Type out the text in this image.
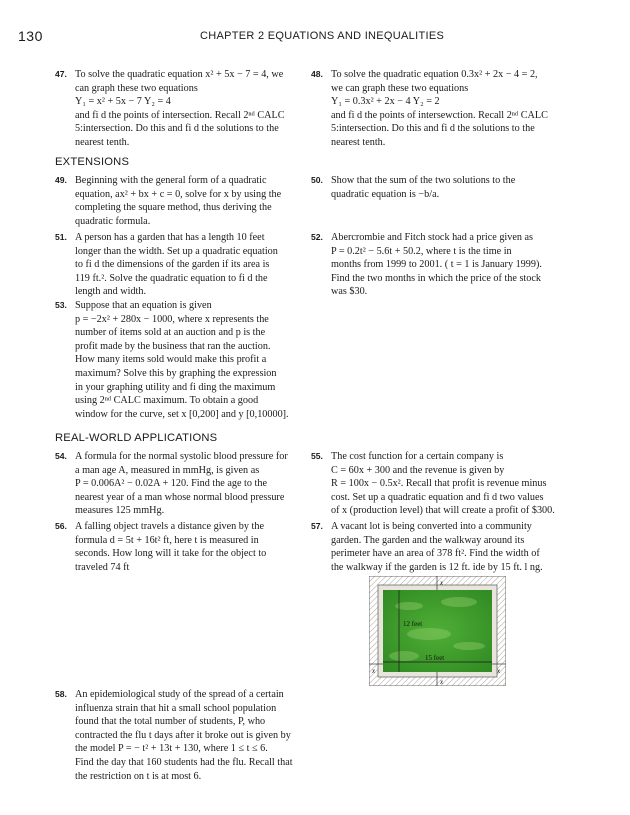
130	CHAPTER 2 EQUATIONS AND INEQUALITIES
47. To solve the quadratic equation x² + 5x − 7 = 4, we
can graph these two equations
Y₁ = x² + 5x − 7 Y₂ = 4
and fi d the points of intersection. Recall 2ⁿᵈ CALC
5:intersection. Do this and fi d the solutions to the
nearest tenth.
48. To solve the quadratic equation 0.3x² + 2x − 4 = 2,
we can graph these two equations
Y₁ = 0.3x² + 2x − 4 Y₂ = 2
and fi d the points of intersewction. Recall 2ⁿᵈ CALC
5:intersection. Do this and fi d the solutions to the
nearest tenth.
EXTENSIONS
49. Beginning with the general form of a quadratic
equation, ax² + bx + c = 0, solve for x by using the
completing the square method, thus deriving the
quadratic formula.
50. Show that the sum of the two solutions to the
quadratic equation is −b/a.
51. A person has a garden that has a length 10 feet
longer than the width. Set up a quadratic equation
to fi d the dimensions of the garden if its area is
119 ft.². Solve the quadratic equation to fi d the
length and width.
52. Abercrombie and Fitch stock had a price given as
P = 0.2t² − 5.6t + 50.2, where t is the time in
months from 1999 to 2001. ( t = 1 is January 1999).
Find the two months in which the price of the stock
was $30.
53. Suppose that an equation is given
p = −2x² + 280x − 1000, where x represents the
number of items sold at an auction and p is the
profit made by the business that ran the auction.
How many items sold would make this profit a
maximum? Solve this by graphing the expression
in your graphing utility and fi ding the maximum
using 2ⁿᵈ CALC maximum. To obtain a good
window for the curve, set x [0,200] and y [0,10000].
REAL-WORLD APPLICATIONS
54. A formula for the normal systolic blood pressure for
a man age A, measured in mmHg, is given as
P = 0.006A² − 0.02A + 120. Find the age to the
nearest year of a man whose normal blood pressure
measures 125 mmHg.
55. The cost function for a certain company is
C = 60x + 300 and the revenue is given by
R = 100x − 0.5x². Recall that profit is revenue minus
cost. Set up a quadratic equation and fi d two values
of x (production level) that will create a profit of $300.
56. A falling object travels a distance given by the
formula d = 5t + 16t² ft, here t is measured in
seconds. How long will it take for the object to
traveled 74 ft
57. A vacant lot is being converted into a community
garden. The garden and the walkway around its
perimeter have an area of 378 ft². Find the width of
the walkway if the garden is 12 ft. ide by 15 ft. l ng.
12 feet
15 feet
x
x
x	x
58. An epidemiological study of the spread of a certain
influenza strain that hit a small school population
found that the total number of students, P, who
contracted the flu t days after it broke out is given by
the model P = − t² + 13t + 130, where 1 ≤ t ≤ 6.
Find the day that 160 students had the flu. Recall that
the restriction on t is at most 6.
